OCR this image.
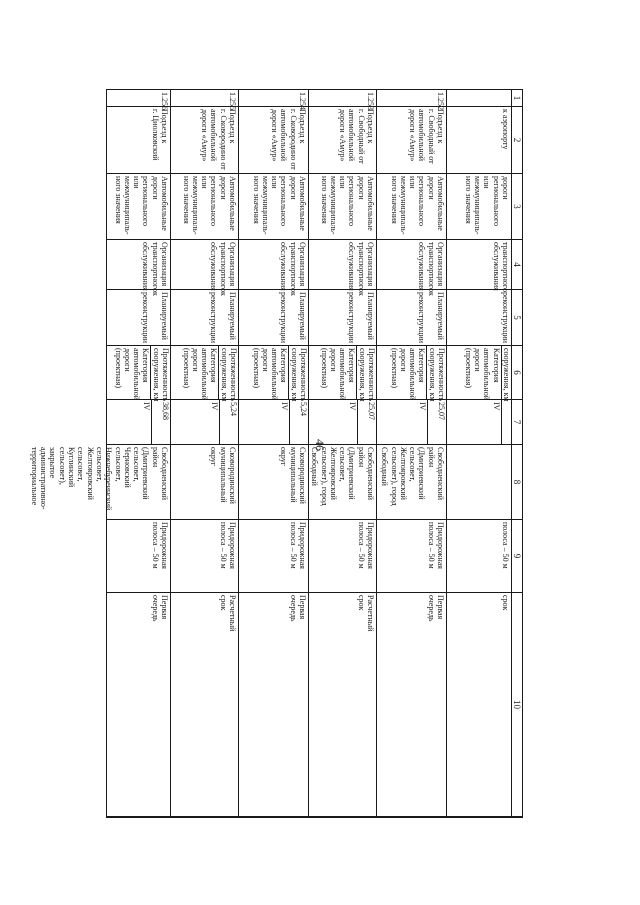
46
1
2
3
4
5
6
7
8
9
10
к аэропорту
дороги
регионального или
межмуниципаль-
ного значения
транспортного
обслуживания
реконструкции
сооружения, км
Категория
автомобильной
дороги
(проектная)
IV
полоса – 50 м
срок
1.252
Подъезд к
г. Свободный от
автомобильной
дороги «Амур»
Автомобильные
дороги
регионального или
межмуниципаль-
ного значения
Организация
транспортного
обслуживания
Планируемый к
реконструкции
Протяженность
сооружения, км
Категория
автомобильной
дороги
(проектная)
25,07
IV
Свободненский
район
(Дмитриевский
сельсовет,
Желтояровский
сельсовет), город
Свободный
Придорожная
полоса – 50 м
Первая
очередь
1.253
Подъезд к
г. Свободный от
автомобильной
дороги «Амур»
Автомобильные
дороги
регионального или
межмуниципаль-
ного значения
Организация
транспортного
обслуживания
Планируемый к
реконструкции
Протяженность
сооружения, км
Категория
автомобильной
дороги
(проектная)
25,07
IV
Свободненский
район
(Дмитриевский
сельсовет,
Желтояровский
сельсовет), город
Свободный
Придорожная
полоса – 50 м
Расчетный
срок
1.254
Подъезд к
г. Сковородино от
автомобильной
дороги «Амур»
Автомобильные
дороги
регионального или
межмуниципаль-
ного значения
Организация
транспортного
обслуживания
Планируемый к
реконструкции
Протяженность
сооружения, км
Категория
автомобильной
дороги
(проектная)
5,24
IV
Сковородинский
муниципальный
округ
Придорожная
полоса – 50 м
Первая
очередь
1.255
Подъезд к
г. Сковородино от
автомобильной
дороги «Амур»
Автомобильные
дороги
регионального или
межмуниципаль-
ного значения
Организация
транспортного
обслуживания
Планируемый к
реконструкции
Протяженность
сооружения, км
Категория
автомобильной
дороги
(проектная)
5,24
IV
Сковородинский
муниципальный
округ
Придорожная
полоса – 50 м
Расчетный
срок
1.256
Подъезд к
г. Циолковский
Автомобильные
дороги
регионального или
межмуниципаль-
ного значения
Организация
транспортного
обслуживания
Планируемый к
реконструкции
Протяженность
сооружения, км
Категория
автомобильной
дороги
(проектная)
38,68
IV
Свободненский
район
(Дмитриевский
сельсовет,
Черновский
сельсовет,
Нижнебуреинский
сельсовет,
Желтояровский
сельсовет,
Куглинский
сельсовет), закрытое
административно-
территориальное
Придорожная
полоса – 50 м
Первая
очередь
